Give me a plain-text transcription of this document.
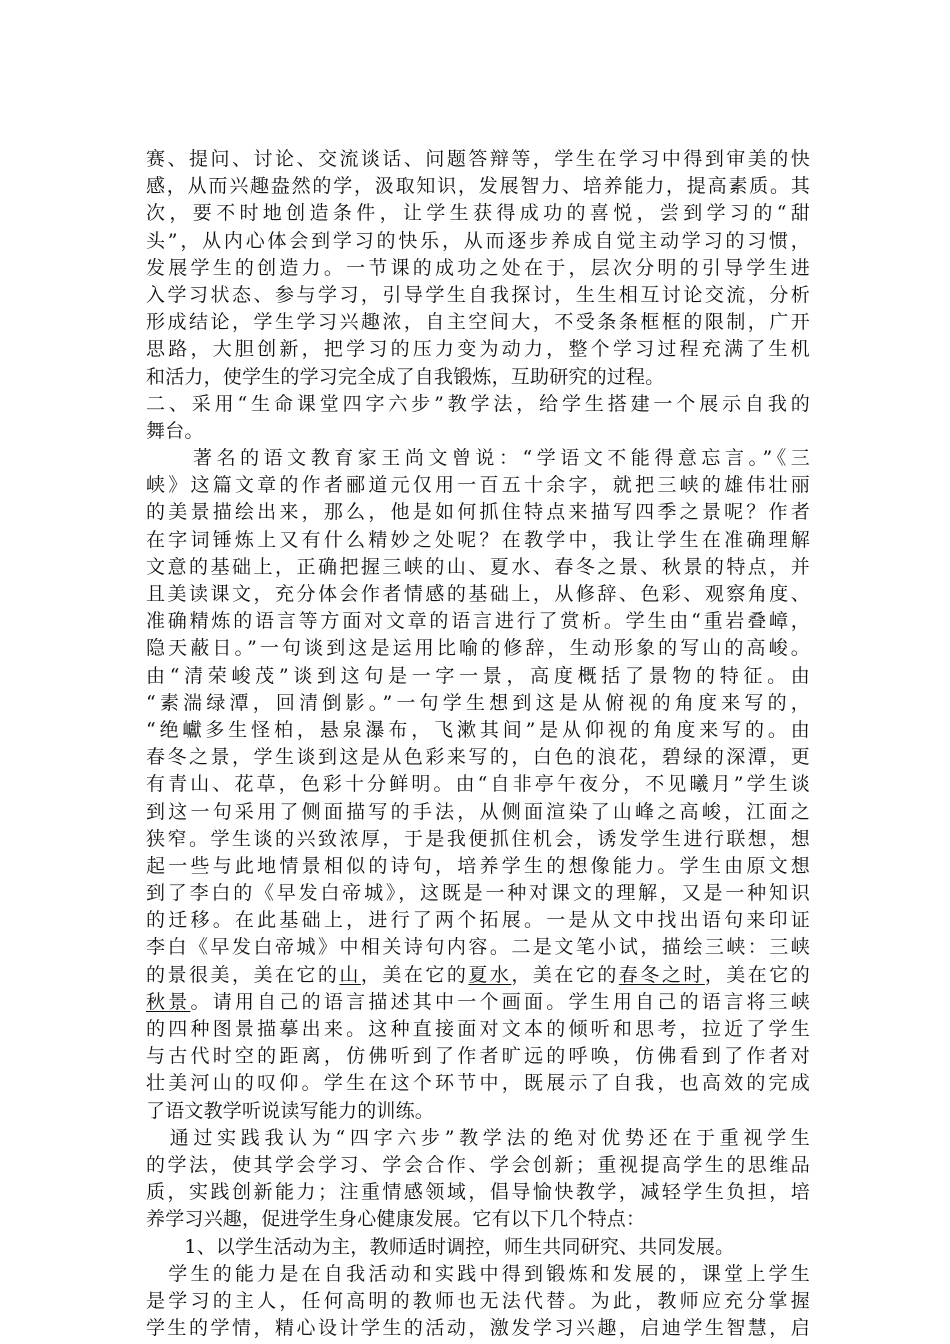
赛、提问、讨论、交流谈话、问题答辩等，学生在学习中得到审美的快
感，从而兴趣盎然的学，汲取知识，发展智力、培养能力，提高素质。其
次，要不时地创造条件，让学生获得成功的喜悦，尝到学习的“甜
头”，从内心体会到学习的快乐，从而逐步养成自觉主动学习的习惯，
发展学生的创造力。一节课的成功之处在于，层次分明的引导学生进
入学习状态、参与学习，引导学生自我探讨，生生相互讨论交流，分析
形成结论，学生学习兴趣浓，自主空间大，不受条条框框的限制，广开
思路，大胆创新，把学习的压力变为动力，整个学习过程充满了生机
和活力，使学生的学习完全成了自我锻炼，互助研究的过程。
二、采用“生命课堂四字六步”教学法，给学生搭建一个展示自我的
舞台。
　　著名的语文教育家王尚文曾说：“学语文不能得意忘言。”《三
峡》这篇文章的作者郦道元仅用一百五十余字，就把三峡的雄伟壮丽
的美景描绘出来，那么，他是如何抓住特点来描写四季之景呢？作者
在字词锤炼上又有什么精妙之处呢？在教学中，我让学生在准确理解
文意的基础上，正确把握三峡的山、夏水、春冬之景、秋景的特点，并
且美读课文，充分体会作者情感的基础上，从修辞、色彩、观察角度、
准确精炼的语言等方面对文章的语言进行了赏析。学生由“重岩叠嶂，
隐天蔽日。”一句谈到这是运用比喻的修辞，生动形象的写山的高峻。
由“清荣峻茂”谈到这句是一字一景，高度概括了景物的特征。由
“素湍绿潭，回清倒影。”一句学生想到这是从俯视的角度来写的，
“绝巘多生怪柏，悬泉瀑布，飞漱其间”是从仰视的角度来写的。由
春冬之景，学生谈到这是从色彩来写的，白色的浪花，碧绿的深潭，更
有青山、花草，色彩十分鲜明。由“自非亭午夜分，不见曦月”学生谈
到这一句采用了侧面描写的手法，从侧面渲染了山峰之高峻，江面之
狭窄。学生谈的兴致浓厚，于是我便抓住机会，诱发学生进行联想，想
起一些与此地情景相似的诗句，培养学生的想像能力。学生由原文想
到了李白的《早发白帝城》，这既是一种对课文的理解，又是一种知识
的迁移。在此基础上，进行了两个拓展。一是从文中找出语句来印证
李白《早发白帝城》中相关诗句内容。二是文笔小试，描绘三峡：三峡
的景很美，美在它的山，美在它的夏水，美在它的春冬之时，美在它的
秋景。请用自己的语言描述其中一个画面。学生用自己的语言将三峡
的四种图景描摹出来。这种直接面对文本的倾听和思考，拉近了学生
与古代时空的距离，仿佛听到了作者旷远的呼唤，仿佛看到了作者对
壮美河山的叹仰。学生在这个环节中，既展示了自我，也高效的完成
了语文教学听说读写能力的训练。
　通过实践我认为“四字六步”教学法的绝对优势还在于重视学生
的学法，使其学会学习、学会合作、学会创新；重视提高学生的思维品
质，实践创新能力；注重情感领域，倡导愉快教学，减轻学生负担，培
养学习兴趣，促进学生身心健康发展。它有以下几个特点：
　　1、以学生活动为主，教师适时调控，师生共同研究、共同发展。
　学生的能力是在自我活动和实践中得到锻炼和发展的，课堂上学生
是学习的主人，任何高明的教师也无法代替。为此，教师应充分掌握
学生的学情，精心设计学生的活动，激发学习兴趣，启迪学生智慧，启
